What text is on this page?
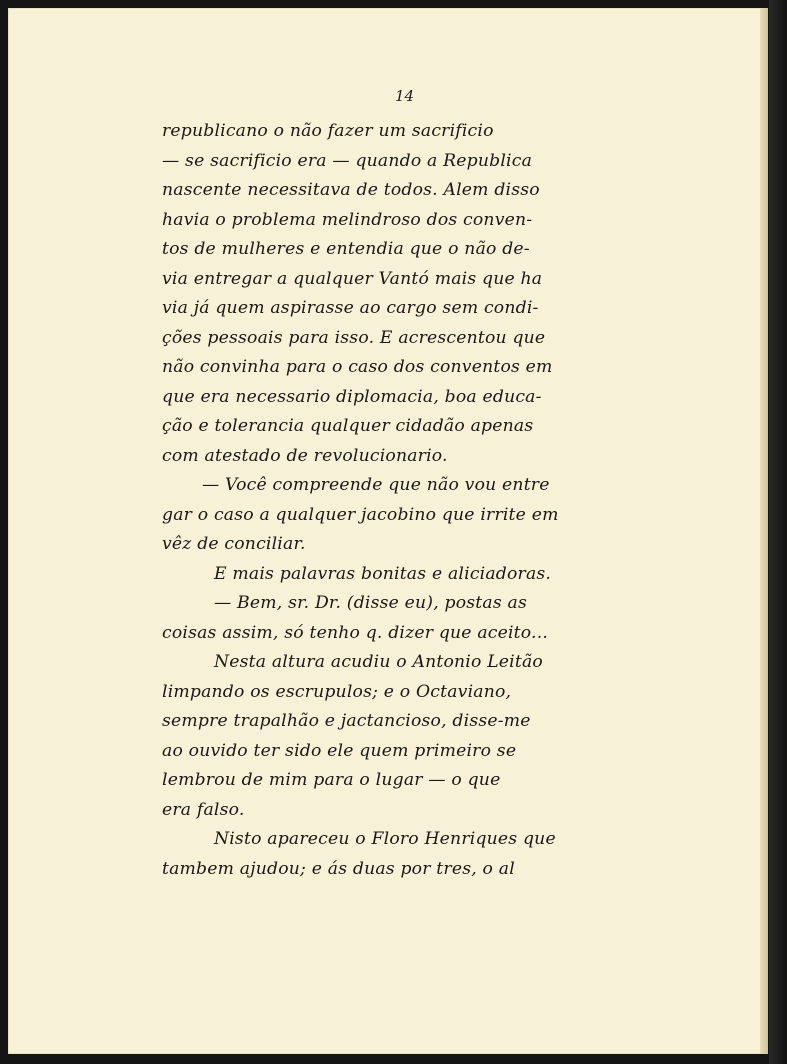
14
republicano o não fazer um sacrificio
— se sacrificio era — quando a Republica
nascente necessitava de todos. Alem disso
havia o problema melindroso dos conven-
tos de mulheres e entendia que o não de-
via entregar a qualquer Vantó mais que ha
via já quem aspirasse ao cargo sem condi-
ções pessoais para isso. E acrescentou que
não convinha para o caso dos conventos em
que era necessario diplomacia, boa educa-
ção e tolerancia qualquer cidadão apenas
com atestado de revolucionario.
— Você compreende que não vou entre
gar o caso a qualquer jacobino que irrite em
vêz de conciliar.
E mais palavras bonitas e aliciadoras.
— Bem, sr. Dr. (disse eu), postas as
coisas assim, só tenho q. dizer que aceito...
Nesta altura acudiu o Antonio Leitão
limpando os escrupulos; e o Octaviano,
sempre trapalhão e jactancioso, disse-me
ao ouvido ter sido ele quem primeiro se
lembrou de mim para o lugar — o que
era falso.
Nisto apareceu o Floro Henriques que
tambem ajudou; e ás duas por tres, o al
